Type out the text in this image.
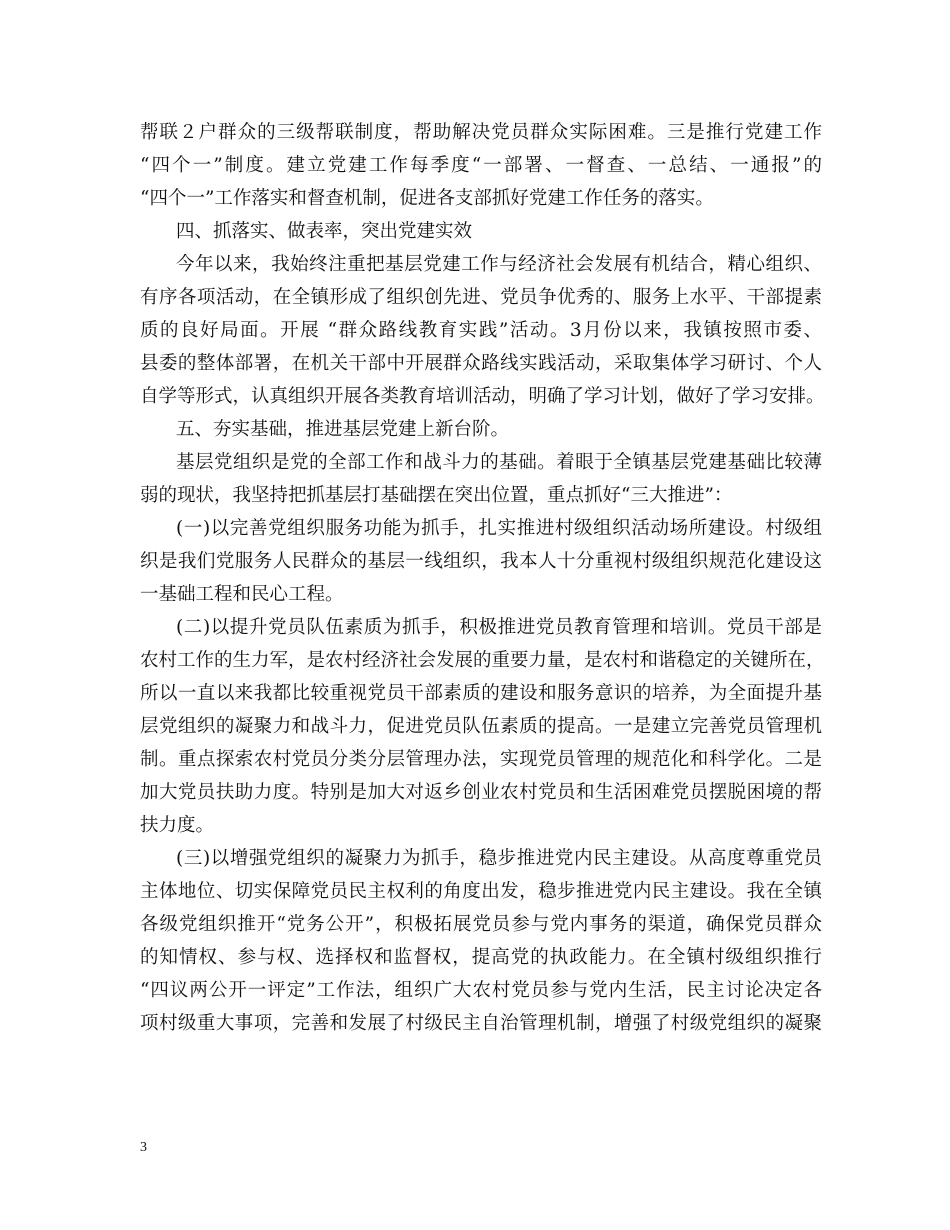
帮联２户群众的三级帮联制度，帮助解决党员群众实际困难。三是推行党建工作
“四个一”制度。建立党建工作每季度“一部署、一督查、一总结、一通报”的
“四个一”工作落实和督查机制，促进各支部抓好党建工作任务的落实。
四、抓落实、做表率，突出党建实效
今年以来，我始终注重把基层党建工作与经济社会发展有机结合，精心组织、
有序各项活动，在全镇形成了组织创先进、党员争优秀的、服务上水平、干部提素
质的良好局面。开展 “群众路线教育实践”活动。3月份以来，我镇按照市委、
县委的整体部署，在机关干部中开展群众路线实践活动，采取集体学习研讨、个人
自学等形式，认真组织开展各类教育培训活动，明确了学习计划，做好了学习安排。
五、夯实基础，推进基层党建上新台阶。
基层党组织是党的全部工作和战斗力的基础。着眼于全镇基层党建基础比较薄
弱的现状，我坚持把抓基层打基础摆在突出位置，重点抓好“三大推进”：
(一)以完善党组织服务功能为抓手，扎实推进村级组织活动场所建设。村级组
织是我们党服务人民群众的基层一线组织，我本人十分重视村级组织规范化建设这
一基础工程和民心工程。
(二)以提升党员队伍素质为抓手，积极推进党员教育管理和培训。党员干部是
农村工作的生力军，是农村经济社会发展的重要力量，是农村和谐稳定的关键所在，
所以一直以来我都比较重视党员干部素质的建设和服务意识的培养，为全面提升基
层党组织的凝聚力和战斗力，促进党员队伍素质的提高。一是建立完善党员管理机
制。重点探索农村党员分类分层管理办法，实现党员管理的规范化和科学化。二是
加大党员扶助力度。特别是加大对返乡创业农村党员和生活困难党员摆脱困境的帮
扶力度。
(三)以增强党组织的凝聚力为抓手，稳步推进党内民主建设。从高度尊重党员
主体地位、切实保障党员民主权利的角度出发，稳步推进党内民主建设。我在全镇
各级党组织推开“党务公开”，积极拓展党员参与党内事务的渠道，确保党员群众
的知情权、参与权、选择权和监督权，提高党的执政能力。在全镇村级组织推行
“四议两公开一评定”工作法，组织广大农村党员参与党内生活，民主讨论决定各
项村级重大事项，完善和发展了村级民主自治管理机制，增强了村级党组织的凝聚
3
